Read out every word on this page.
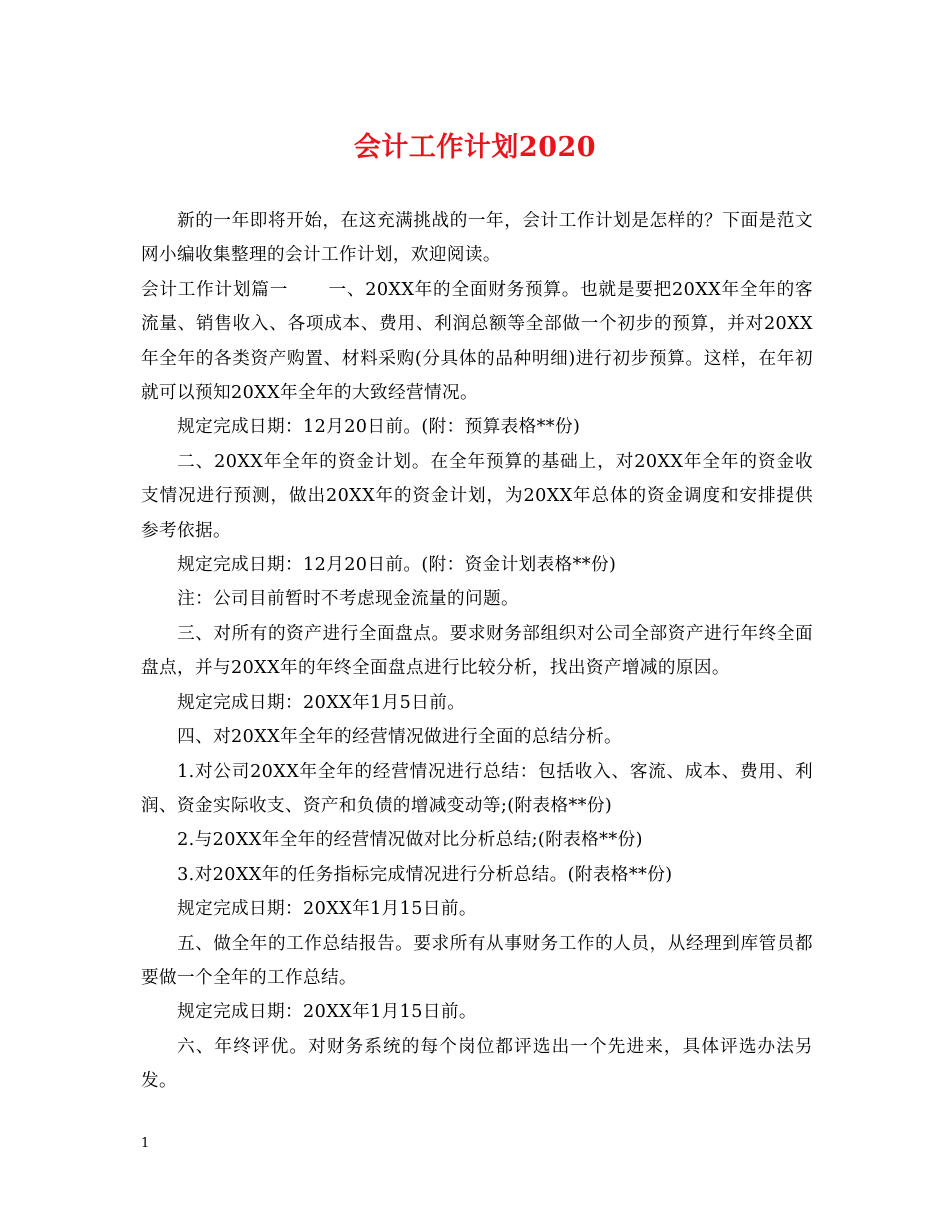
会计工作计划2020

新的一年即将开始，在这充满挑战的一年，会计工作计划是怎样的？下面是范文网小编收集整理的会计工作计划，欢迎阅读。

会计工作计划篇一 一、20XX年的全面财务预算。也就是要把20XX年全年的客流量、销售收入、各项成本、费用、利润总额等全部做一个初步的预算，并对20XX年全年的各类资产购置、材料采购(分具体的品种明细)进行初步预算。这样，在年初就可以预知20XX年全年的大致经营情况。

规定完成日期：12月20日前。(附：预算表格**份)

二、20XX年全年的资金计划。在全年预算的基础上，对20XX年全年的资金收支情况进行预测，做出20XX年的资金计划，为20XX年总体的资金调度和安排提供参考依据。

规定完成日期：12月20日前。(附：资金计划表格**份)

注：公司目前暂时不考虑现金流量的问题。

三、对所有的资产进行全面盘点。要求财务部组织对公司全部资产进行年终全面盘点，并与20XX年的年终全面盘点进行比较分析，找出资产增减的原因。

规定完成日期：20XX年1月5日前。

四、对20XX年全年的经营情况做进行全面的总结分析。

1.对公司20XX年全年的经营情况进行总结：包括收入、客流、成本、费用、利润、资金实际收支、资产和负债的增减变动等;(附表格**份)

2.与20XX年全年的经营情况做对比分析总结;(附表格**份)

3.对20XX年的任务指标完成情况进行分析总结。(附表格**份)

规定完成日期：20XX年1月15日前。

五、做全年的工作总结报告。要求所有从事财务工作的人员，从经理到库管员都要做一个全年的工作总结。

规定完成日期：20XX年1月15日前。

六、年终评优。对财务系统的每个岗位都评选出一个先进来，具体评选办法另发。

1
